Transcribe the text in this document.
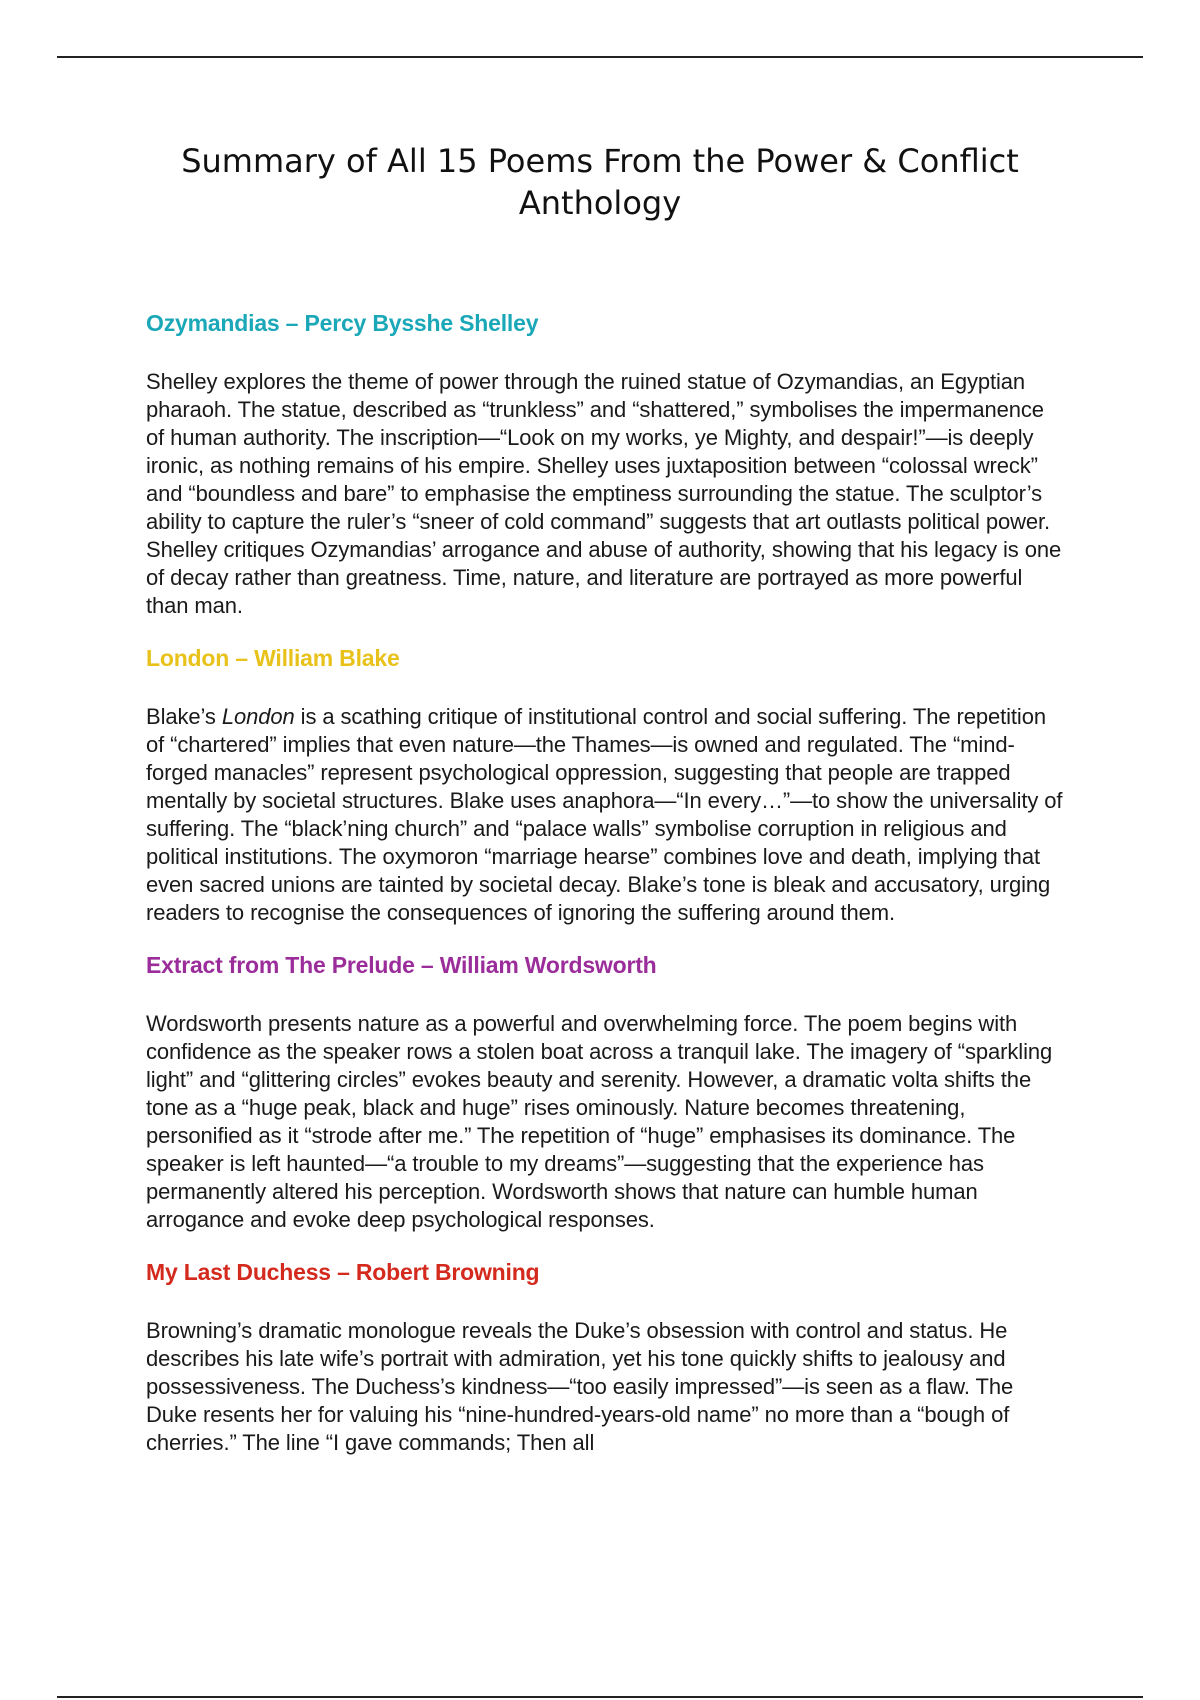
Summary of All 15 Poems From the Power & Conflict Anthology
Ozymandias – Percy Bysshe Shelley

Shelley explores the theme of power through the ruined statue of Ozymandias, an Egyptian pharaoh. The statue, described as “trunkless” and “shattered,” symbolises the impermanence of human authority. The inscription—“Look on my works, ye Mighty, and despair!”—is deeply ironic, as nothing remains of his empire. Shelley uses juxtaposition between “colossal wreck” and “boundless and bare” to emphasise the emptiness surrounding the statue. The sculptor’s ability to capture the ruler’s “sneer of cold command” suggests that art outlasts political power. Shelley critiques Ozymandias’ arrogance and abuse of authority, showing that his legacy is one of decay rather than greatness. Time, nature, and literature are portrayed as more powerful than man.

London – William Blake

Blake’s London is a scathing critique of institutional control and social suffering. The repetition of “chartered” implies that even nature—the Thames—is owned and regulated. The “mind-forged manacles” represent psychological oppression, suggesting that people are trapped mentally by societal structures. Blake uses anaphora—“In every…”—to show the universality of suffering. The “black’ning church” and “palace walls” symbolise corruption in religious and political institutions. The oxymoron “marriage hearse” combines love and death, implying that even sacred unions are tainted by societal decay. Blake’s tone is bleak and accusatory, urging readers to recognise the consequences of ignoring the suffering around them.

Extract from The Prelude – William Wordsworth

Wordsworth presents nature as a powerful and overwhelming force. The poem begins with confidence as the speaker rows a stolen boat across a tranquil lake. The imagery of “sparkling light” and “glittering circles” evokes beauty and serenity. However, a dramatic volta shifts the tone as a “huge peak, black and huge” rises ominously. Nature becomes threatening, personified as it “strode after me.” The repetition of “huge” emphasises its dominance. The speaker is left haunted—“a trouble to my dreams”—suggesting that the experience has permanently altered his perception. Wordsworth shows that nature can humble human arrogance and evoke deep psychological responses.

My Last Duchess – Robert Browning

Browning’s dramatic monologue reveals the Duke’s obsession with control and status. He describes his late wife’s portrait with admiration, yet his tone quickly shifts to jealousy and possessiveness. The Duchess’s kindness—“too easily impressed”—is seen as a flaw. The Duke resents her for valuing his “nine-hundred-years-old name” no more than a “bough of cherries.” The line “I gave commands; Then all
